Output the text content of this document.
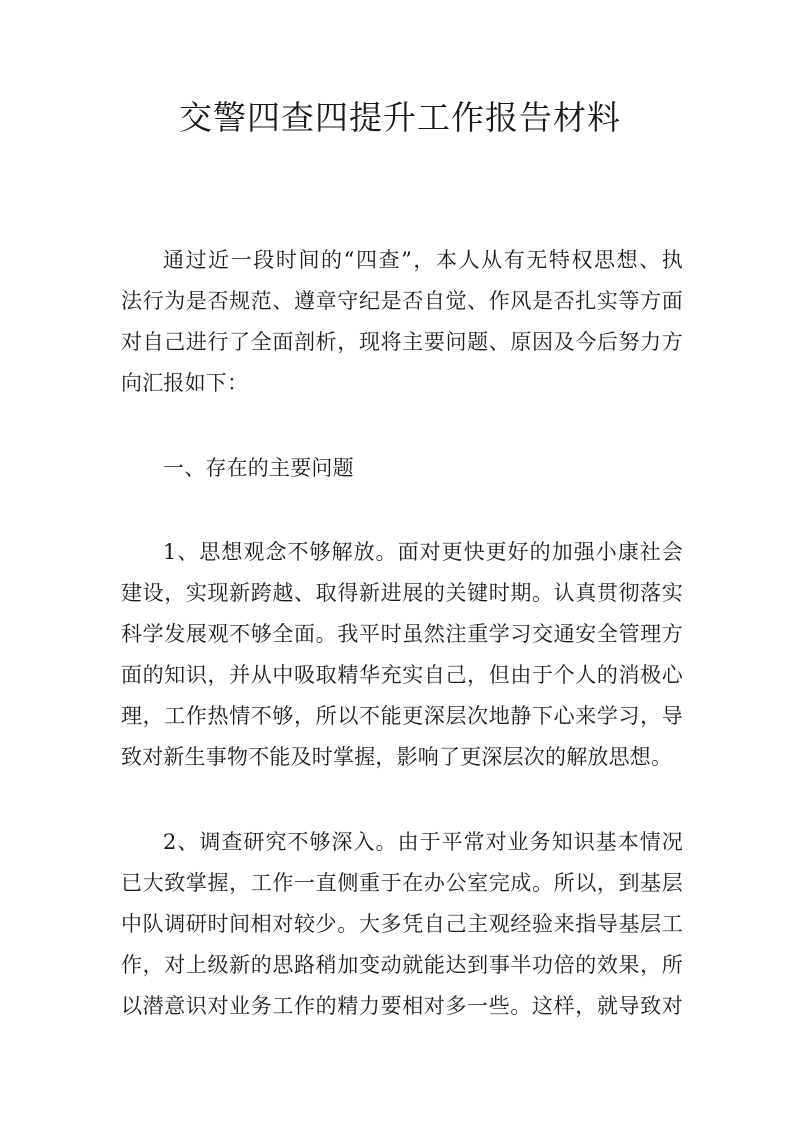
交警四查四提升工作报告材料
通过近一段时间的“四查”，本人从有无特权思想、执
法行为是否规范、遵章守纪是否自觉、作风是否扎实等方面
对自己进行了全面剖析，现将主要问题、原因及今后努力方
向汇报如下：
一、存在的主要问题
1、思想观念不够解放。面对更快更好的加强小康社会
建设，实现新跨越、取得新进展的关键时期。认真贯彻落实
科学发展观不够全面。我平时虽然注重学习交通安全管理方
面的知识，并从中吸取精华充实自己，但由于个人的消极心
理，工作热情不够，所以不能更深层次地静下心来学习，导
致对新生事物不能及时掌握，影响了更深层次的解放思想。
2、调查研究不够深入。由于平常对业务知识基本情况
已大致掌握，工作一直侧重于在办公室完成。所以，到基层
中队调研时间相对较少。大多凭自己主观经验来指导基层工
作，对上级新的思路稍加变动就能达到事半功倍的效果，所
以潜意识对业务工作的精力要相对多一些。这样，就导致对
